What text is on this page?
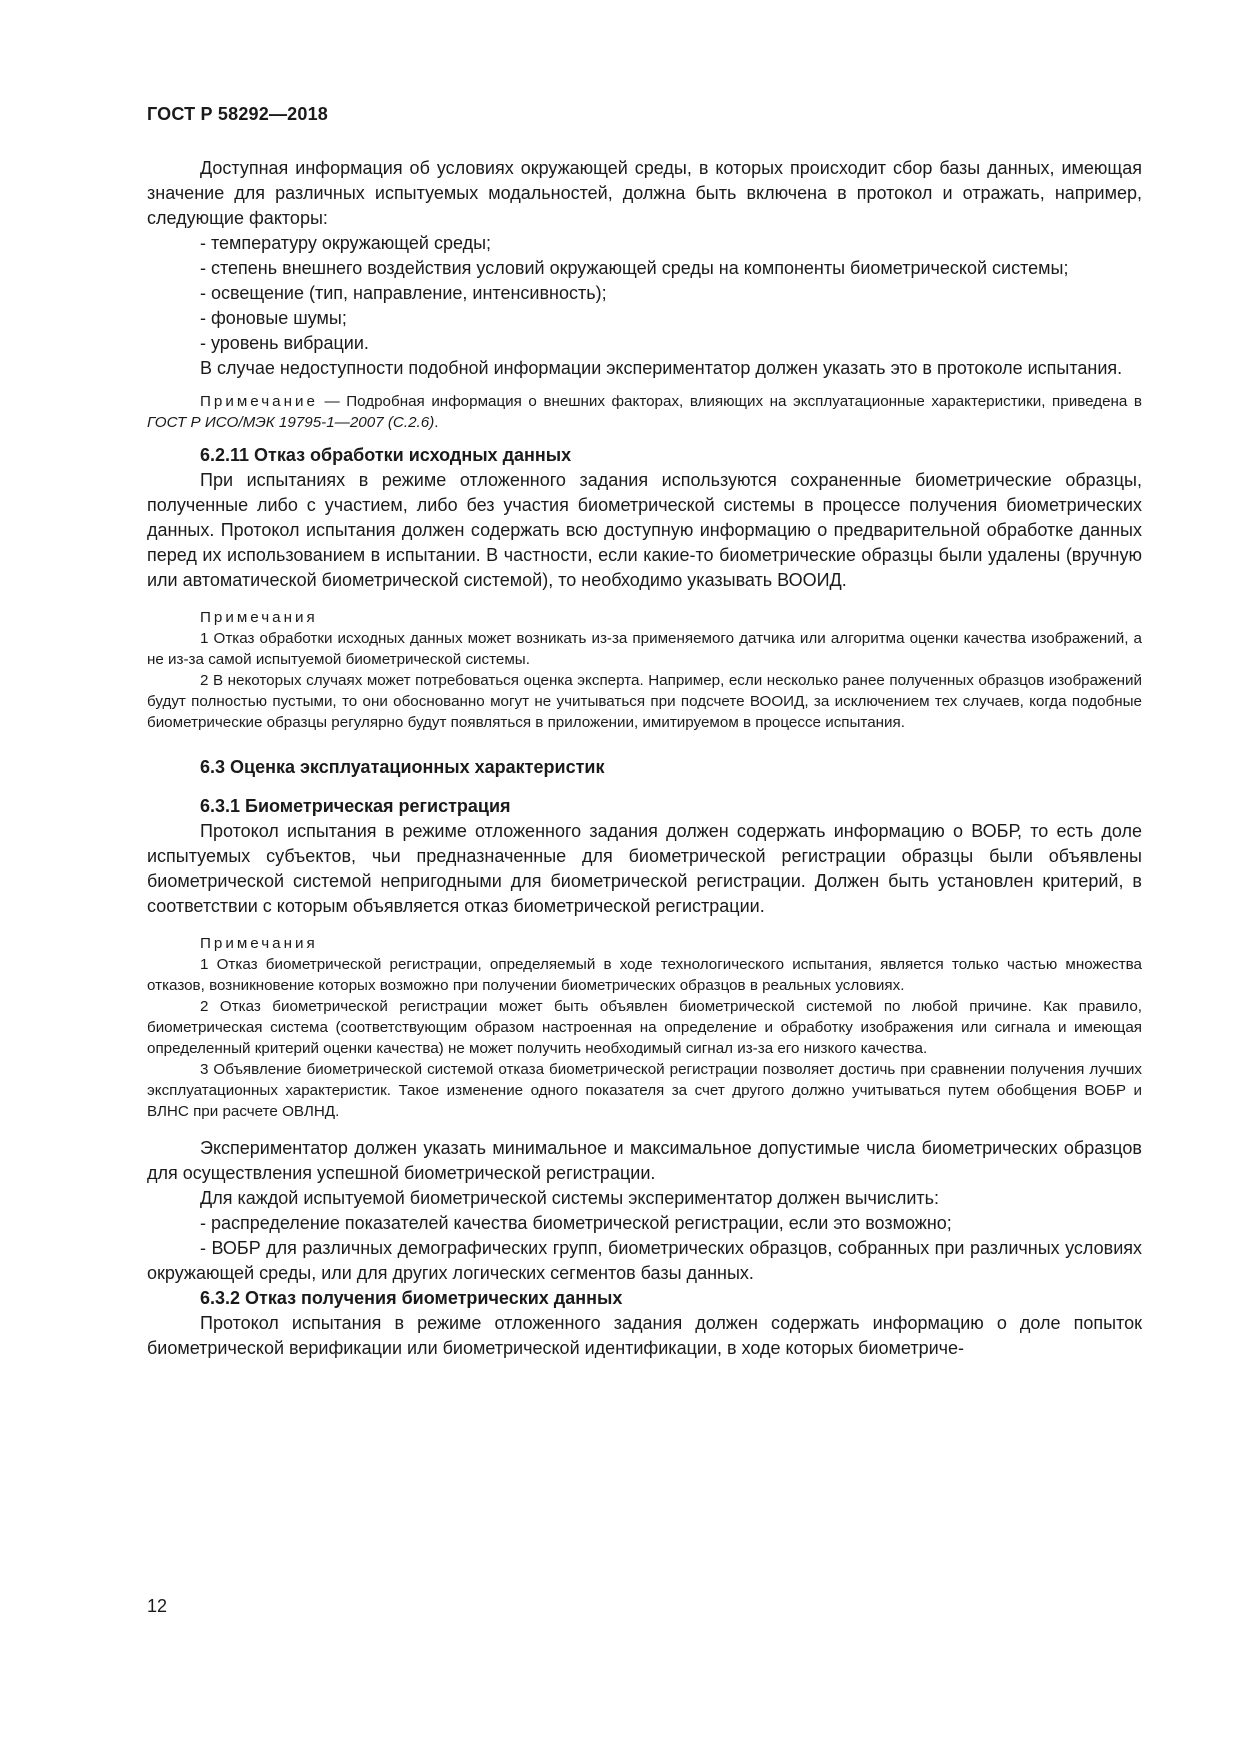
ГОСТ Р 58292—2018

Доступная информация об условиях окружающей среды, в которых происходит сбор базы данных, имеющая значение для различных испытуемых модальностей, должна быть включена в протокол и отражать, например, следующие факторы:

- температуру окружающей среды;

- степень внешнего воздействия условий окружающей среды на компоненты биометрической системы;

- освещение (тип, направление, интенсивность);

- фоновые шумы;

- уровень вибрации.

В случае недоступности подобной информации экспериментатор должен указать это в протоколе испытания.

Примечание — Подробная информация о внешних факторах, влияющих на эксплуатационные характеристики, приведена в ГОСТ Р ИСО/МЭК 19795-1—2007 (С.2.6).

6.2.11 Отказ обработки исходных данных

При испытаниях в режиме отложенного задания используются сохраненные биометрические образцы, полученные либо с участием, либо без участия биометрической системы в процессе получения биометрических данных. Протокол испытания должен содержать всю доступную информацию о предварительной обработке данных перед их использованием в испытании. В частности, если какие-то биометрические образцы были удалены (вручную или автоматической биометрической системой), то необходимо указывать ВООИД.

Примечания

1 Отказ обработки исходных данных может возникать из-за применяемого датчика или алгоритма оценки качества изображений, а не из-за самой испытуемой биометрической системы.

2 В некоторых случаях может потребоваться оценка эксперта. Например, если несколько ранее полученных образцов изображений будут полностью пустыми, то они обоснованно могут не учитываться при подсчете ВООИД, за исключением тех случаев, когда подобные биометрические образцы регулярно будут появляться в приложении, имитируемом в процессе испытания.

6.3 Оценка эксплуатационных характеристик

6.3.1 Биометрическая регистрация

Протокол испытания в режиме отложенного задания должен содержать информацию о ВОБР, то есть доле испытуемых субъектов, чьи предназначенные для биометрической регистрации образцы были объявлены биометрической системой непригодными для биометрической регистрации. Должен быть установлен критерий, в соответствии с которым объявляется отказ биометрической регистрации.

Примечания

1 Отказ биометрической регистрации, определяемый в ходе технологического испытания, является только частью множества отказов, возникновение которых возможно при получении биометрических образцов в реальных условиях.

2 Отказ биометрической регистрации может быть объявлен биометрической системой по любой причине. Как правило, биометрическая система (соответствующим образом настроенная на определение и обработку изображения или сигнала и имеющая определенный критерий оценки качества) не может получить необходимый сигнал из-за его низкого качества.

3 Объявление биометрической системой отказа биометрической регистрации позволяет достичь при сравнении получения лучших эксплуатационных характеристик. Такое изменение одного показателя за счет другого должно учитываться путем обобщения ВОБР и ВЛНС при расчете ОВЛНД.

Экспериментатор должен указать минимальное и максимальное допустимые числа биометрических образцов для осуществления успешной биометрической регистрации.

Для каждой испытуемой биометрической системы экспериментатор должен вычислить:

- распределение показателей качества биометрической регистрации, если это возможно;

- ВОБР для различных демографических групп, биометрических образцов, собранных при различных условиях окружающей среды, или для других логических сегментов базы данных.

6.3.2 Отказ получения биометрических данных

Протокол испытания в режиме отложенного задания должен содержать информацию о доле попыток биометрической верификации или биометрической идентификации, в ходе которых биометриче-

12
